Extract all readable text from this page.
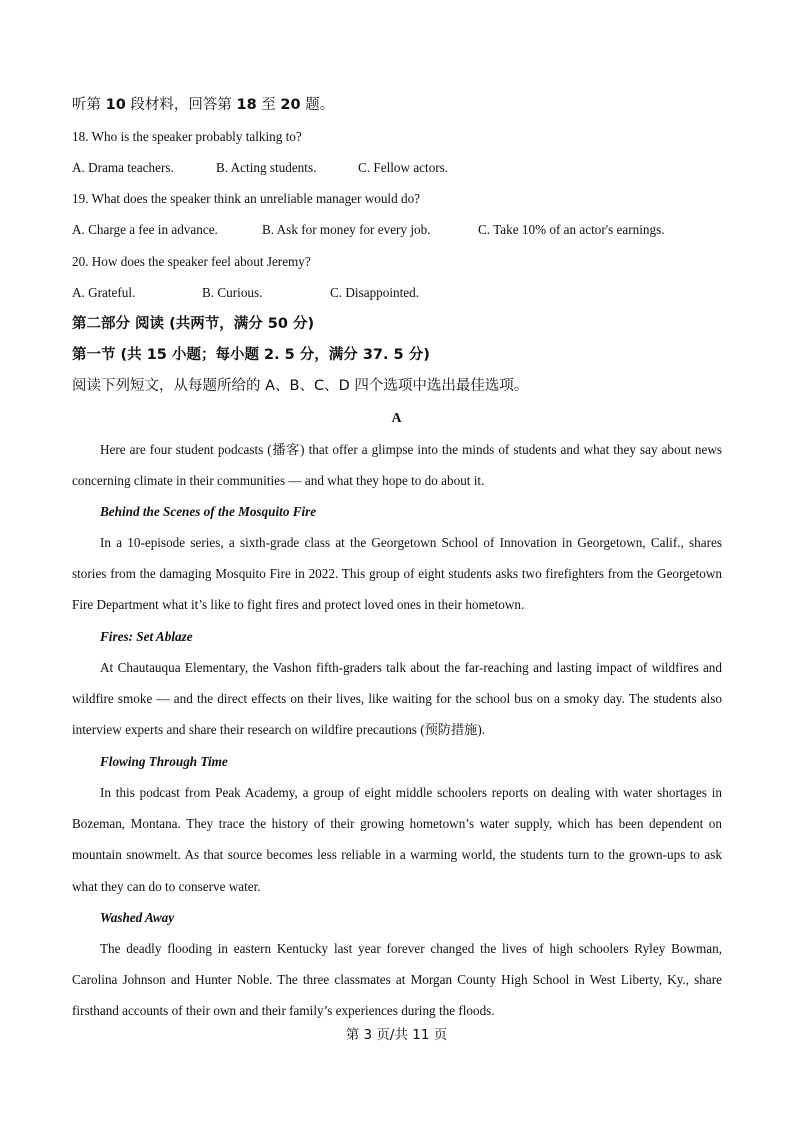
听第 10 段材料，回答第 18 至 20 题。
18. Who is the speaker probably talking to?
A. Drama teachers.	B. Acting students.	C. Fellow actors.
19. What does the speaker think an unreliable manager would do?
A. Charge a fee in advance.	B. Ask for money for every job.	C. Take 10% of an actor's earnings.
20. How does the speaker feel about Jeremy?
A. Grateful.	B. Curious.	C. Disappointed.
第二部分 阅读 (共两节，满分 50 分)
第一节 (共 15 小题；每小题 2. 5 分，满分 37. 5 分)
阅读下列短文，从每题所给的 A、B、C、D 四个选项中选出最佳选项。
A
Here are four student podcasts (播客) that offer a glimpse into the minds of students and what they say about news concerning climate in their communities — and what they hope to do about it.
Behind the Scenes of the Mosquito Fire
In a 10-episode series, a sixth-grade class at the Georgetown School of Innovation in Georgetown, Calif., shares stories from the damaging Mosquito Fire in 2022. This group of eight students asks two firefighters from the Georgetown Fire Department what it’s like to fight fires and protect loved ones in their hometown.
Fires: Set Ablaze
At Chautauqua Elementary, the Vashon fifth-graders talk about the far-reaching and lasting impact of wildfires and wildfire smoke — and the direct effects on their lives, like waiting for the school bus on a smoky day. The students also interview experts and share their research on wildfire precautions (预防措施).
Flowing Through Time
In this podcast from Peak Academy, a group of eight middle schoolers reports on dealing with water shortages in Bozeman, Montana. They trace the history of their growing hometown’s water supply, which has been dependent on mountain snowmelt. As that source becomes less reliable in a warming world, the students turn to the grown-ups to ask what they can do to conserve water.
Washed Away
The deadly flooding in eastern Kentucky last year forever changed the lives of high schoolers Ryley Bowman, Carolina Johnson and Hunter Noble. The three classmates at Morgan County High School in West Liberty, Ky., share firsthand accounts of their own and their family’s experiences during the floods.
第 3 页/共 11 页
